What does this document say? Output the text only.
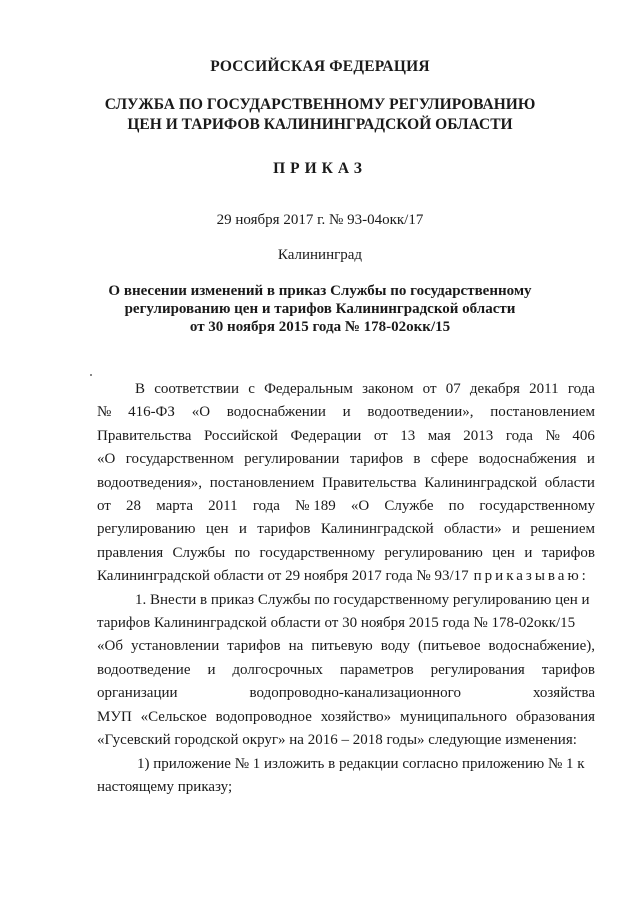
РОССИЙСКАЯ ФЕДЕРАЦИЯ
СЛУЖБА ПО ГОСУДАРСТВЕННОМУ РЕГУЛИРОВАНИЮ
ЦЕН И ТАРИФОВ КАЛИНИНГРАДСКОЙ ОБЛАСТИ
ПРИКАЗ
29 ноября 2017 г. № 93-04окк/17
Калининград
О внесении изменений в приказ Службы по государственному
регулированию цен и тарифов Калининградской области
от 30 ноября 2015 года № 178-02окк/15
В соответствии с Федеральным законом от 07 декабря 2011 года
№ 416-ФЗ «О водоснабжении и водоотведении», постановлением
Правительства Российской Федерации от 13 мая 2013 года № 406
«О государственном регулировании тарифов в сфере водоснабжения и
водоотведения», постановлением Правительства Калининградской области
от 28 марта 2011 года № 189 «О Службе по государственному
регулированию цен и тарифов Калининградской области» и решением
правления Службы по государственному регулированию цен и тарифов
Калининградской области от 29 ноября 2017 года № 93/17 приказываю:
1. Внести в приказ Службы по государственному регулированию цен и
тарифов Калининградской области от 30 ноября 2015 года № 178-02окк/15
«Об установлении тарифов на питьевую воду (питьевое водоснабжение),
водоотведение и долгосрочных параметров регулирования тарифов
организации	водопроводно-канализационного	хозяйства
МУП «Сельское водопроводное хозяйство» муниципального образования
«Гусевский городской округ» на 2016 – 2018 годы» следующие изменения:
1) приложение № 1 изложить в редакции согласно приложению № 1 к
настоящему приказу;
